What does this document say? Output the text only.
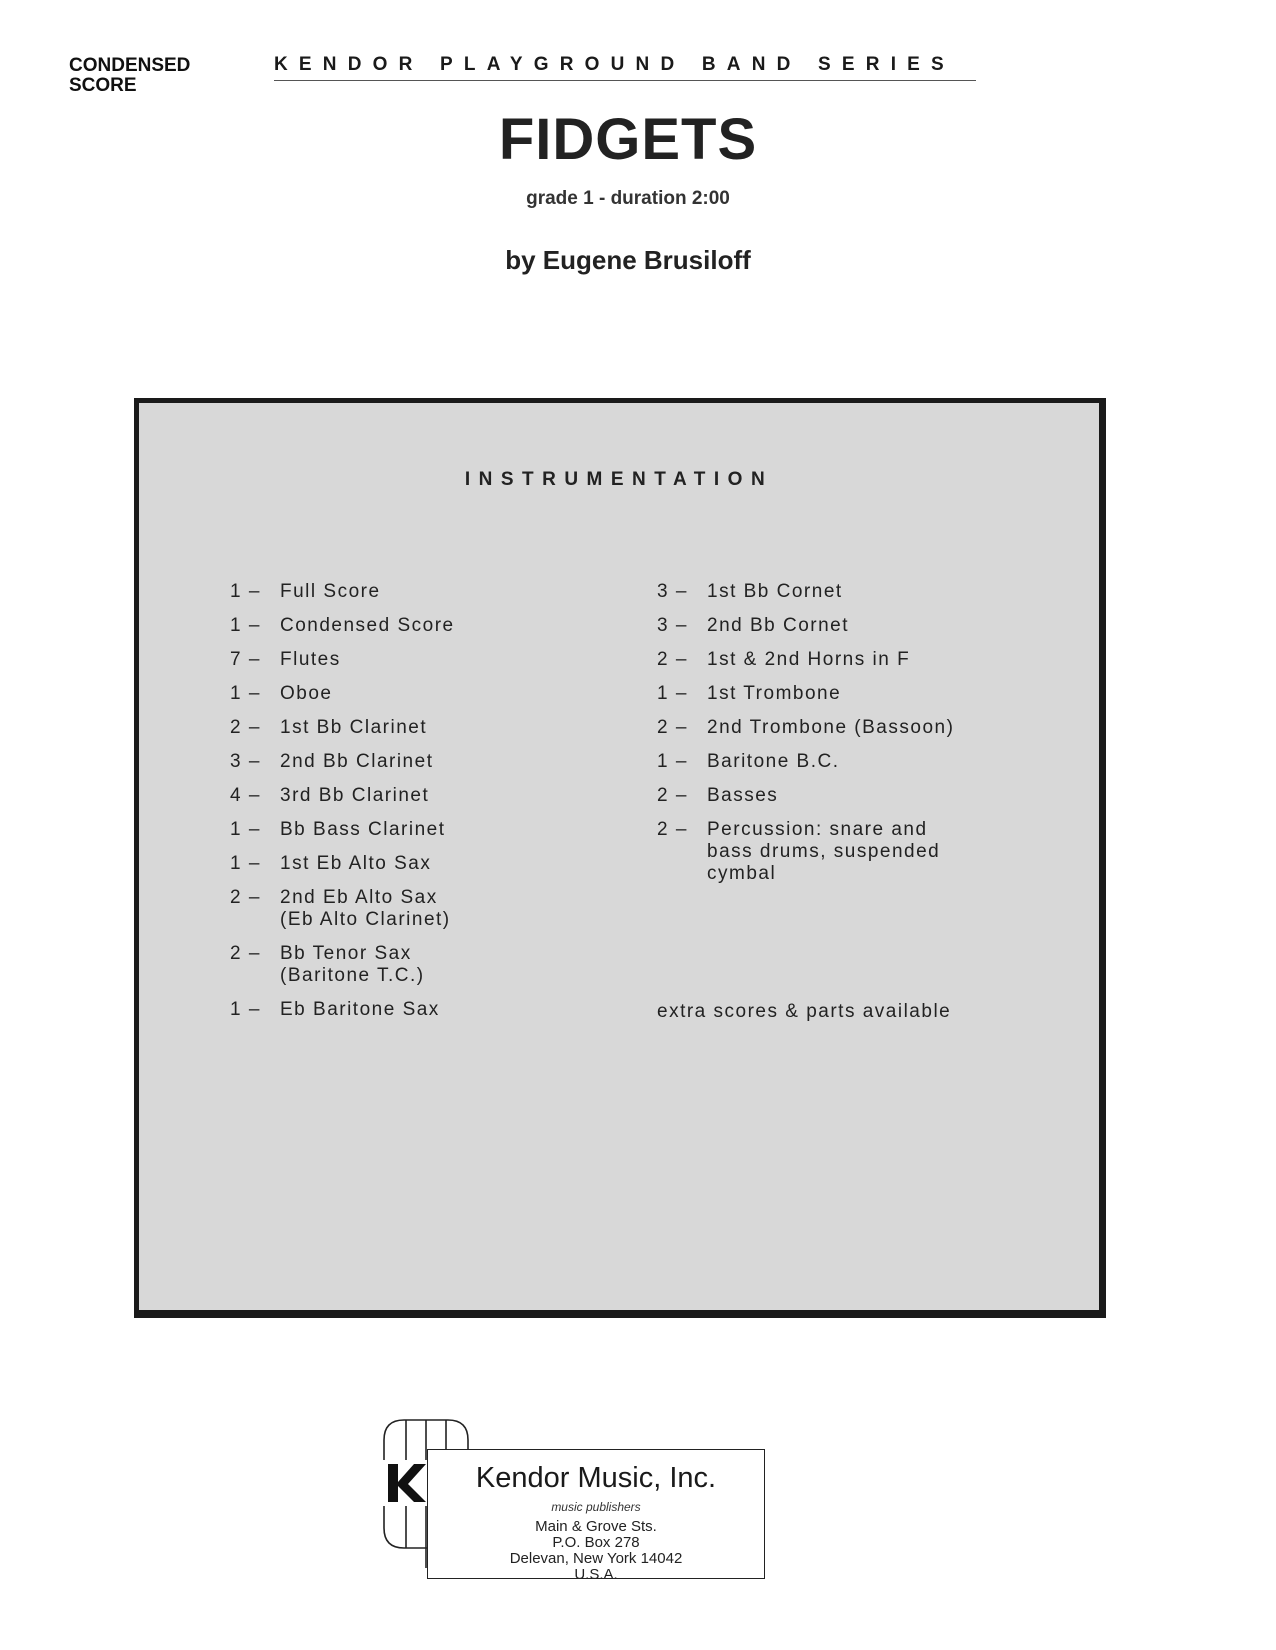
CONDENSED
SCORE
KENDOR PLAYGROUND BAND SERIES
FIDGETS
grade 1 - duration 2:00
by Eugene Brusiloff
INSTRUMENTATION
1 –	Full Score
1 –	Condensed Score
7 –	Flutes
1 –	Oboe
2 –	1st Bb Clarinet
3 –	2nd Bb Clarinet
4 –	3rd Bb Clarinet
1 –	Bb Bass Clarinet
1 –	1st Eb Alto Sax
2 –	2nd Eb Alto Sax
(Eb Alto Clarinet)
2 –	Bb Tenor Sax
(Baritone T.C.)
1 –	Eb Baritone Sax
3 –	1st Bb Cornet
3 –	2nd Bb Cornet
2 –	1st & 2nd Horns in F
1 –	1st Trombone
2 –	2nd Trombone (Bassoon)
1 –	Baritone B.C.
2 –	Basses
2 –	Percussion: snare and
bass drums, suspended
cymbal
extra scores & parts available
Kendor Music, Inc.
music publishers
Main & Grove Sts.
P.O. Box 278
Delevan, New York 14042
U.S.A.
